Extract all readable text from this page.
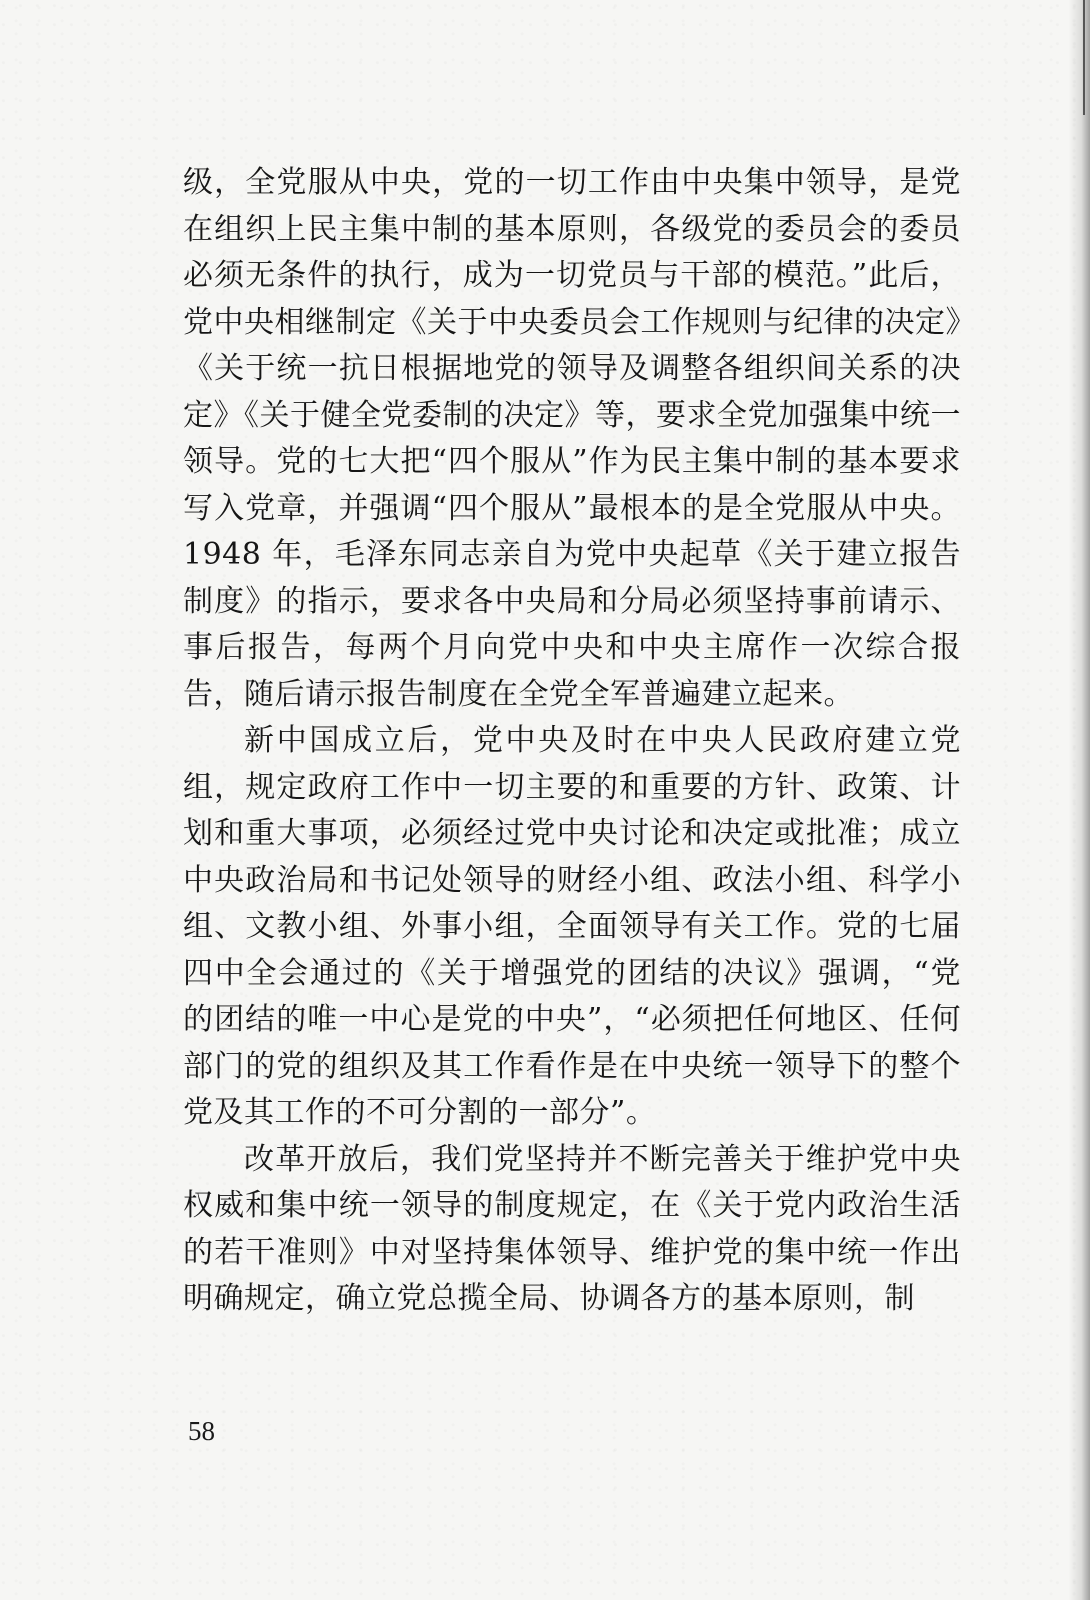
级，全党服从中央，党的一切工作由中央集中领导，是党在组织上民主集中制的基本原则，各级党的委员会的委员必须无条件的执行，成为一切党员与干部的模范。”此后，党中央相继制定《关于中央委员会工作规则与纪律的决定》《关于统一抗日根据地党的领导及调整各组织间关系的决定》《关于健全党委制的决定》等，要求全党加强集中统一领导。党的七大把“四个服从”作为民主集中制的基本要求写入党章，并强调“四个服从”最根本的是全党服从中央。1948 年，毛泽东同志亲自为党中央起草《关于建立报告制度》的指示，要求各中央局和分局必须坚持事前请示、事后报告，每两个月向党中央和中央主席作一次综合报告，随后请示报告制度在全党全军普遍建立起来。

新中国成立后，党中央及时在中央人民政府建立党组，规定政府工作中一切主要的和重要的方针、政策、计划和重大事项，必须经过党中央讨论和决定或批准；成立中央政治局和书记处领导的财经小组、政法小组、科学小组、文教小组、外事小组，全面领导有关工作。党的七届四中全会通过的《关于增强党的团结的决议》强调，“党的团结的唯一中心是党的中央”，“必须把任何地区、任何部门的党的组织及其工作看作是在中央统一领导下的整个党及其工作的不可分割的一部分”。

改革开放后，我们党坚持并不断完善关于维护党中央权威和集中统一领导的制度规定，在《关于党内政治生活的若干准则》中对坚持集体领导、维护党的集中统一作出明确规定，确立党总揽全局、协调各方的基本原则，制

58
